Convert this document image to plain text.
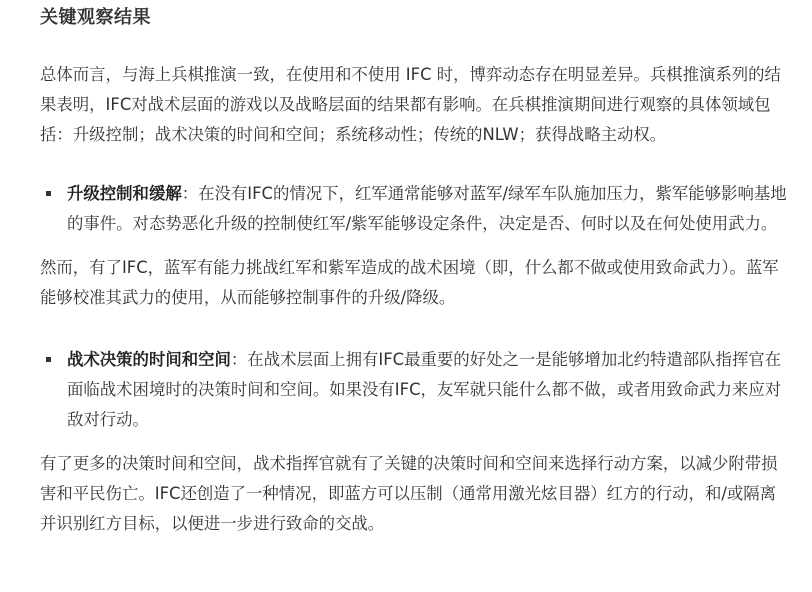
关键观察结果

总体而言，与海上兵棋推演一致，在使用和不使用 IFC 时，博弈动态存在明显差异。兵棋推演系列的结果表明，IFC对战术层面的游戏以及战略层面的结果都有影响。在兵棋推演期间进行观察的具体领域包括：升级控制；战术决策的时间和空间；系统移动性；传统的NLW；获得战略主动权。

升级控制和缓解：在没有IFC的情况下，红军通常能够对蓝军/绿军车队施加压力，紫军能够影响基地的事件。对态势恶化升级的控制使红军/紫军能够设定条件，决定是否、何时以及在何处使用武力。

然而，有了IFC，蓝军有能力挑战红军和紫军造成的战术困境（即，什么都不做或使用致命武力）。蓝军能够校准其武力的使用，从而能够控制事件的升级/降级。

战术决策的时间和空间：在战术层面上拥有IFC最重要的好处之一是能够增加北约特遣部队指挥官在面临战术困境时的决策时间和空间。如果没有IFC，友军就只能什么都不做，或者用致命武力来应对敌对行动。

有了更多的决策时间和空间，战术指挥官就有了关键的决策时间和空间来选择行动方案，以减少附带损害和平民伤亡。IFC还创造了一种情况，即蓝方可以压制（通常用激光炫目器）红方的行动，和/或隔离并识别红方目标，以便进一步进行致命的交战。
